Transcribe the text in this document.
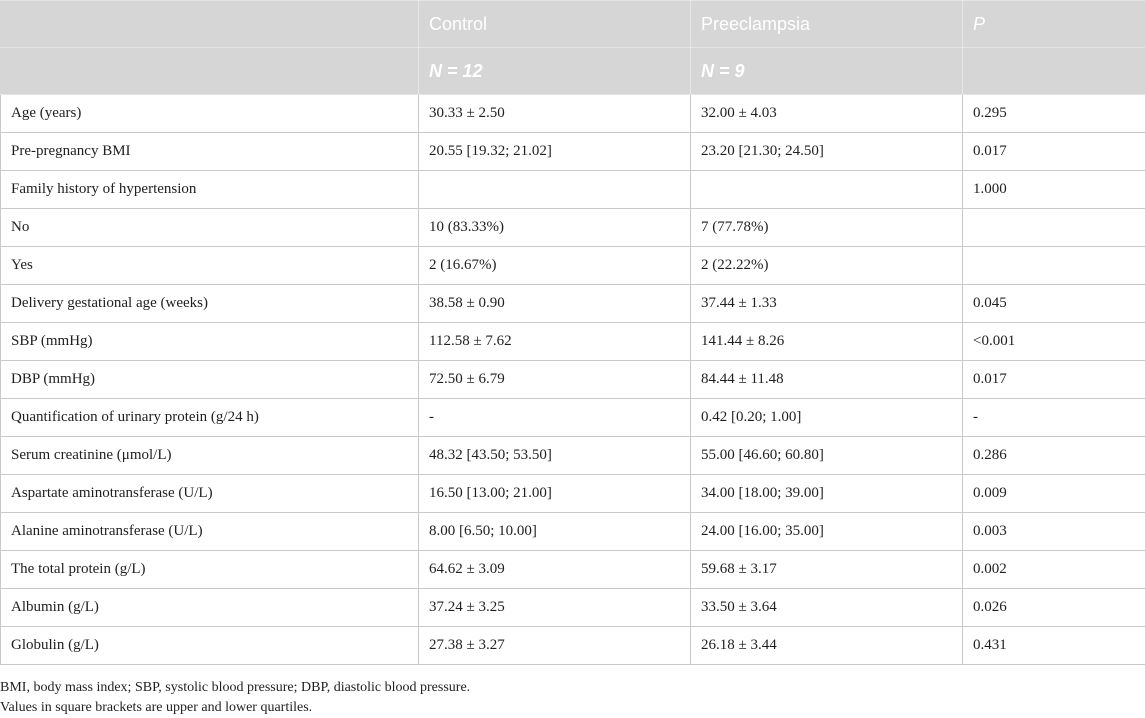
	Control	Preeclampsia	P
	N = 12	N = 9	
Age (years)	30.33 ± 2.50	32.00 ± 4.03	0.295
Pre-pregnancy BMI	20.55 [19.32; 21.02]	23.20 [21.30; 24.50]	0.017
Family history of hypertension			1.000
No	10 (83.33%)	7 (77.78%)	
Yes	2 (16.67%)	2 (22.22%)	
Delivery gestational age (weeks)	38.58 ± 0.90	37.44 ± 1.33	0.045
SBP (mmHg)	112.58 ± 7.62	141.44 ± 8.26	<0.001
DBP (mmHg)	72.50 ± 6.79	84.44 ± 11.48	0.017
Quantification of urinary protein (g/24 h)	-	0.42 [0.20; 1.00]	-
Serum creatinine (μmol/L)	48.32 [43.50; 53.50]	55.00 [46.60; 60.80]	0.286
Aspartate aminotransferase (U/L)	16.50 [13.00; 21.00]	34.00 [18.00; 39.00]	0.009
Alanine aminotransferase (U/L)	8.00 [6.50; 10.00]	24.00 [16.00; 35.00]	0.003
The total protein (g/L)	64.62 ± 3.09	59.68 ± 3.17	0.002
Albumin (g/L)	37.24 ± 3.25	33.50 ± 3.64	0.026
Globulin (g/L)	27.38 ± 3.27	26.18 ± 3.44	0.431
BMI, body mass index; SBP, systolic blood pressure; DBP, diastolic blood pressure.
Values in square brackets are upper and lower quartiles.
